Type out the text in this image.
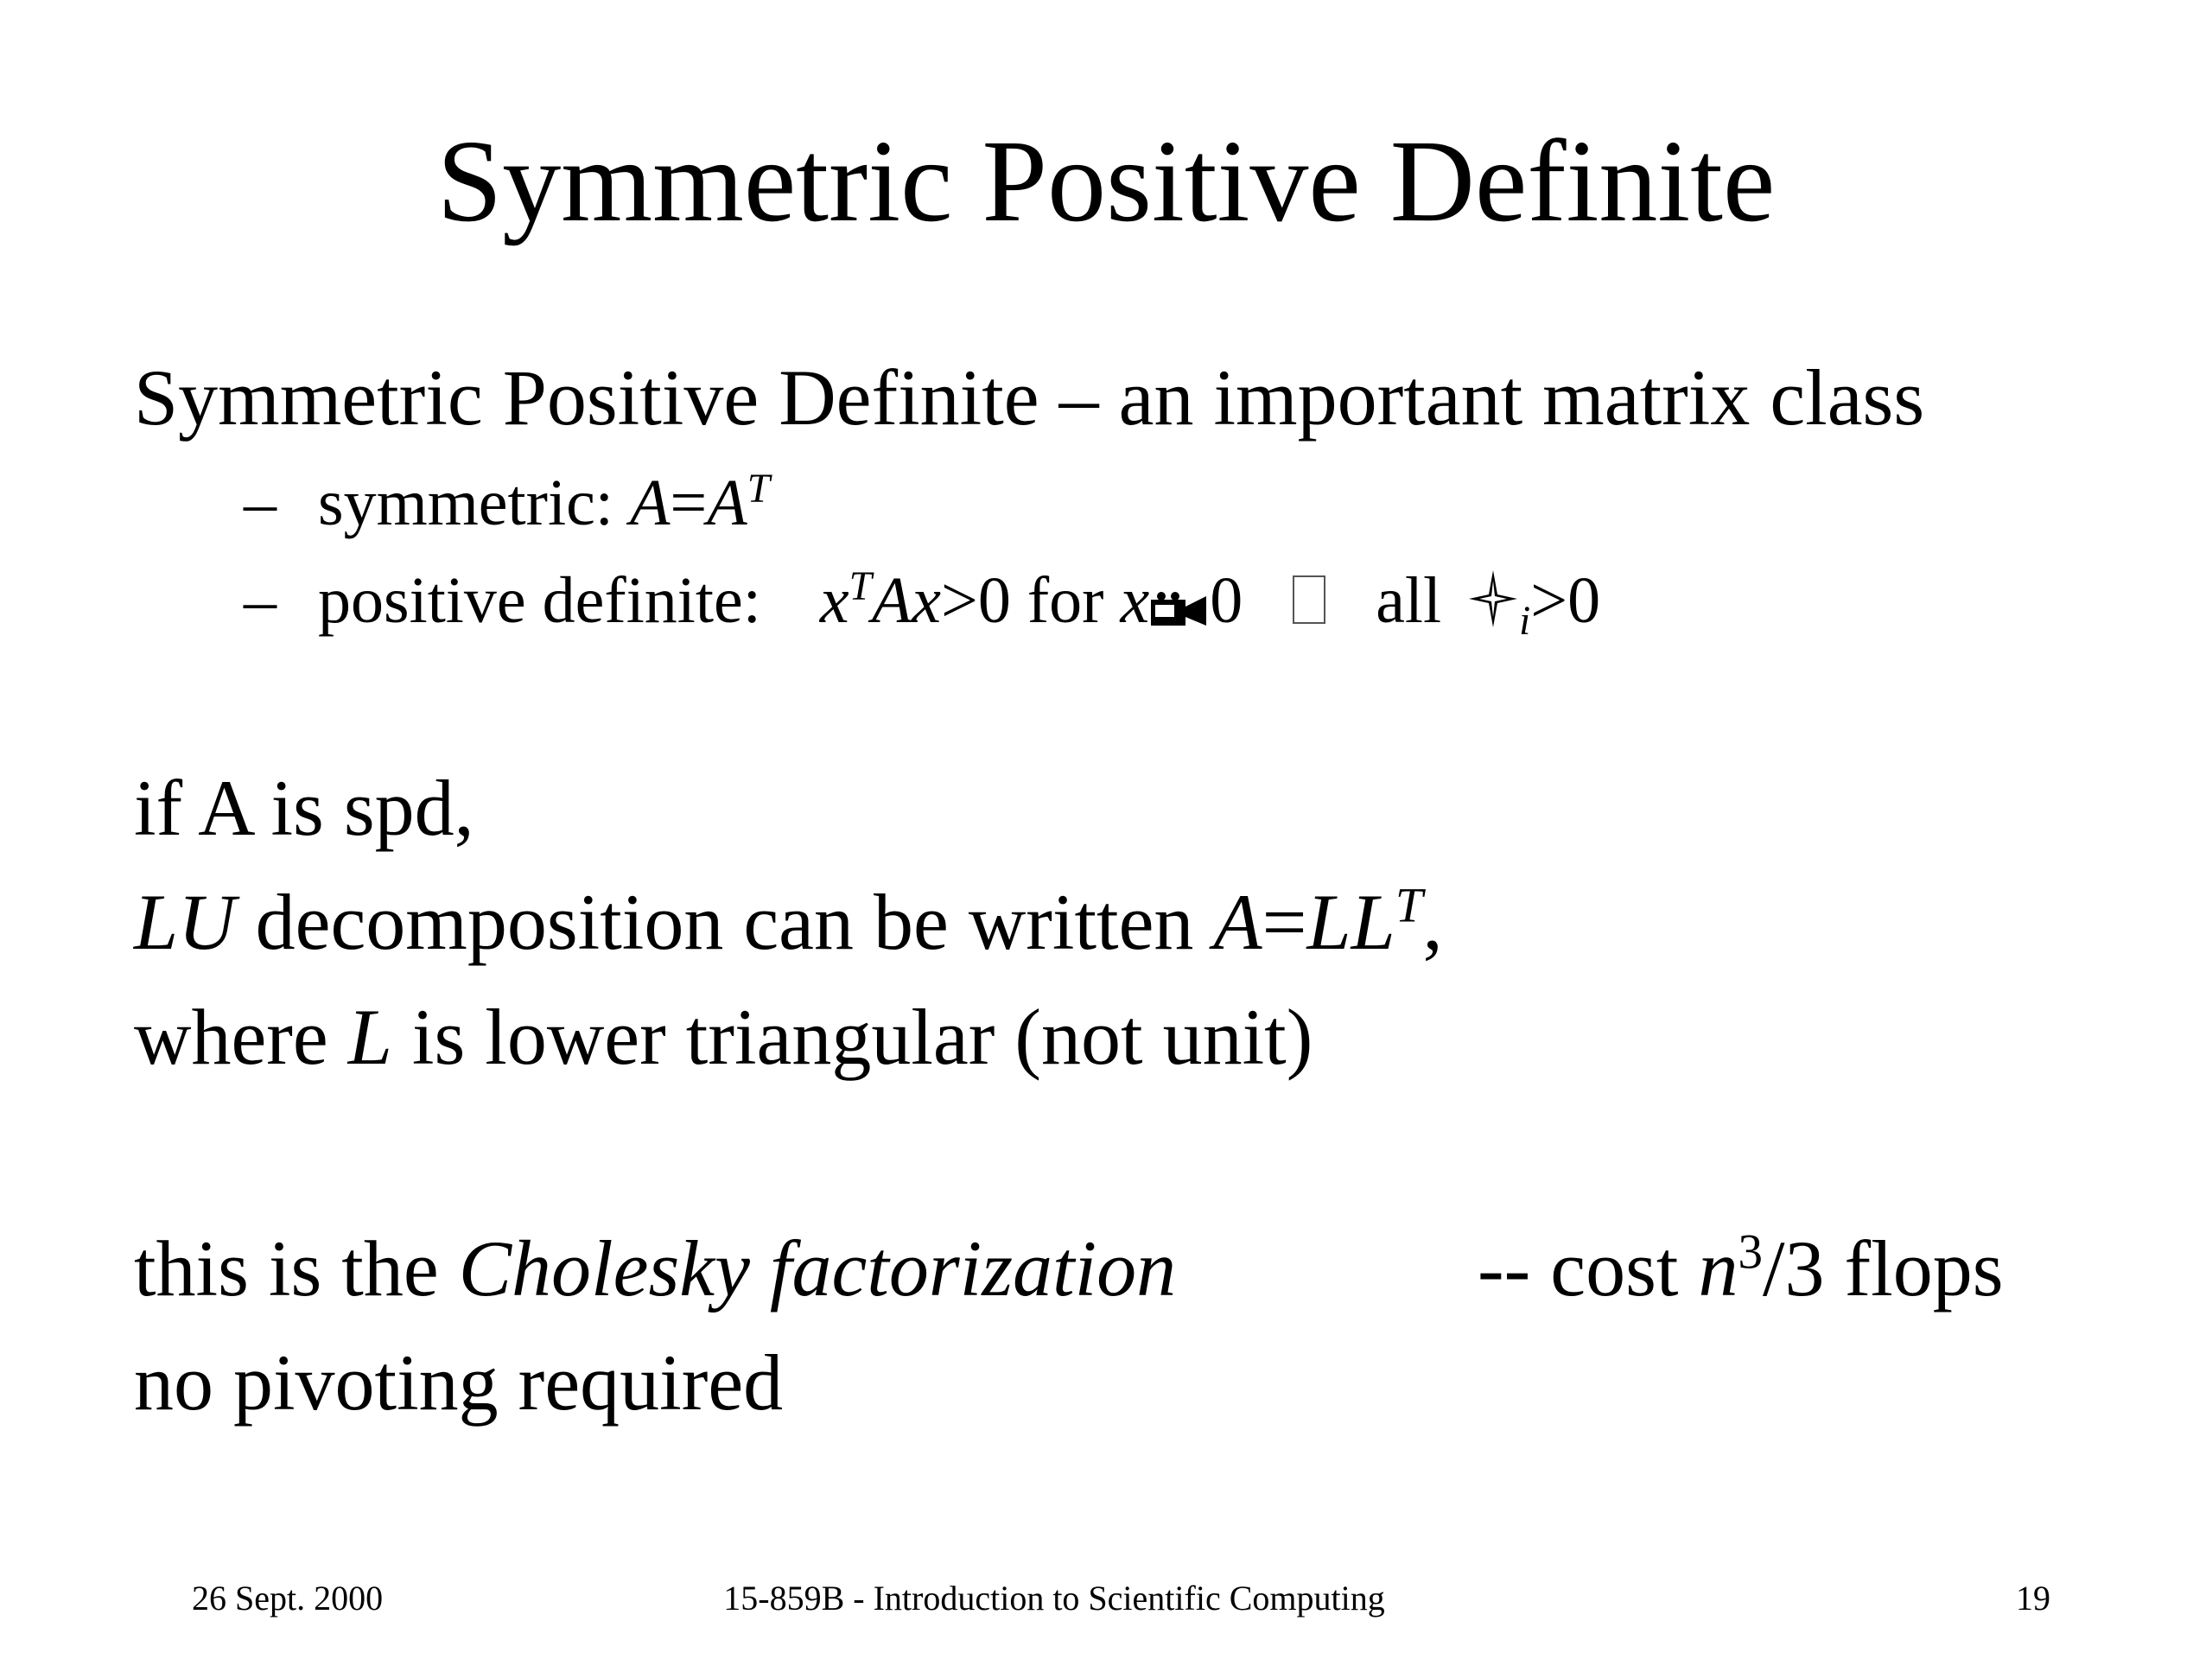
Symmetric Positive Definite
Symmetric Positive Definite – an important matrix class
– symmetric: $A=A^T$
– positive definite: $x^TAx>0$ for x 0 all $_i$>0
if A is spd,
LU decomposition can be written $A=LL^T$,
where L is lower triangular (not unit)
this is the Cholesky factorization	-- cost $n^3/3$ flops
no pivoting required
26 Sept. 2000	15-859B - Introduction to Scientific Computing	19
